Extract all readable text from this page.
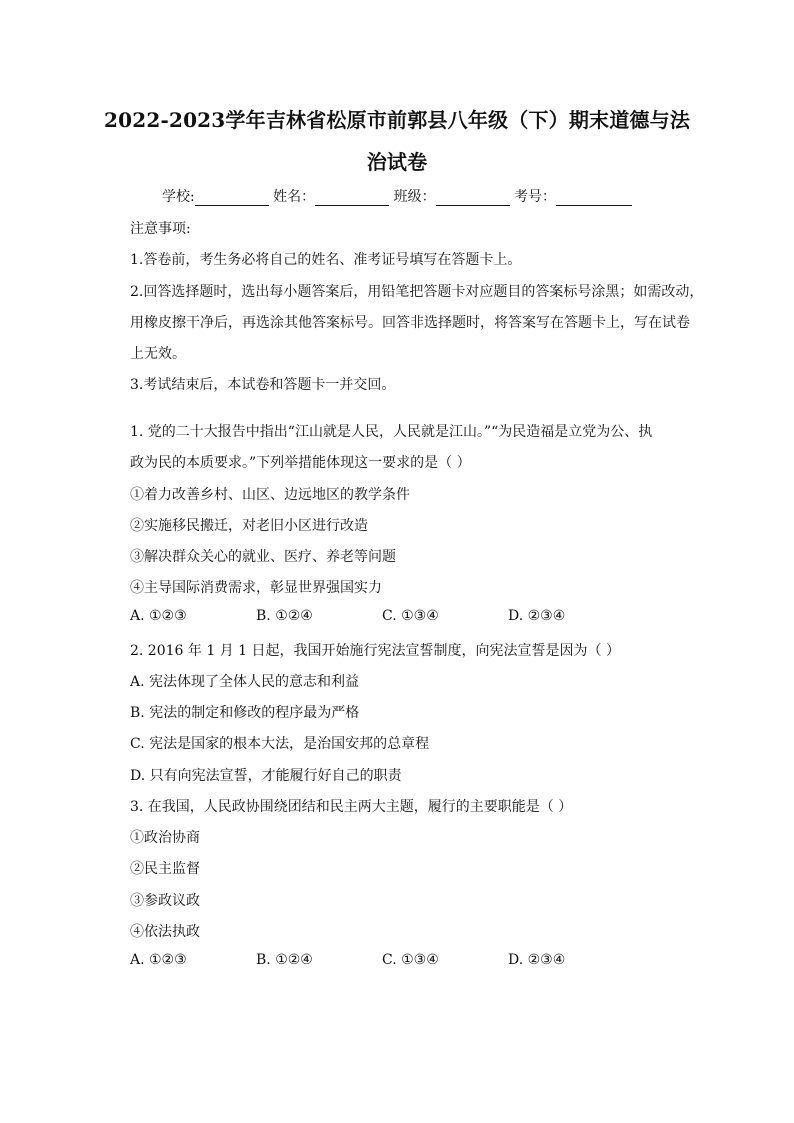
2022-2023学年吉林省松原市前郭县八年级（下）期末道德与法
治试卷
学校:	姓名：	班级：	考号：
注意事项:
1.答卷前，考生务必将自己的姓名、准考证号填写在答题卡上。
2.回答选择题时，选出每小题答案后，用铅笔把答题卡对应题目的答案标号涂黑；如需改动，
用橡皮擦干净后，再选涂其他答案标号。回答非选择题时，将答案写在答题卡上，写在试卷
上无效。
3.考试结束后，本试卷和答题卡一并交回。
1. 党的二十大报告中指出“江山就是人民，人民就是江山。”“为民造福是立党为公、执
政为民的本质要求。”下列举措能体现这一要求的是（ ）
①着力改善乡村、山区、边远地区的教学条件
②实施移民搬迁，对老旧小区进行改造
③解决群众关心的就业、医疗、养老等问题
④主导国际消费需求，彰显世界强国实力
A. ①②③	B. ①②④	C. ①③④	D. ②③④
2. 2016 年 1 月 1 日起，我国开始施行宪法宣誓制度，向宪法宣誓是因为（ ）
A. 宪法体现了全体人民的意志和利益
B. 宪法的制定和修改的程序最为严格
C. 宪法是国家的根本大法，是治国安邦的总章程
D. 只有向宪法宣誓，才能履行好自己的职责
3. 在我国，人民政协围绕团结和民主两大主题，履行的主要职能是（ ）
①政治协商
②民主监督
③参政议政
④依法执政
A. ①②③	B. ①②④	C. ①③④	D. ②③④
